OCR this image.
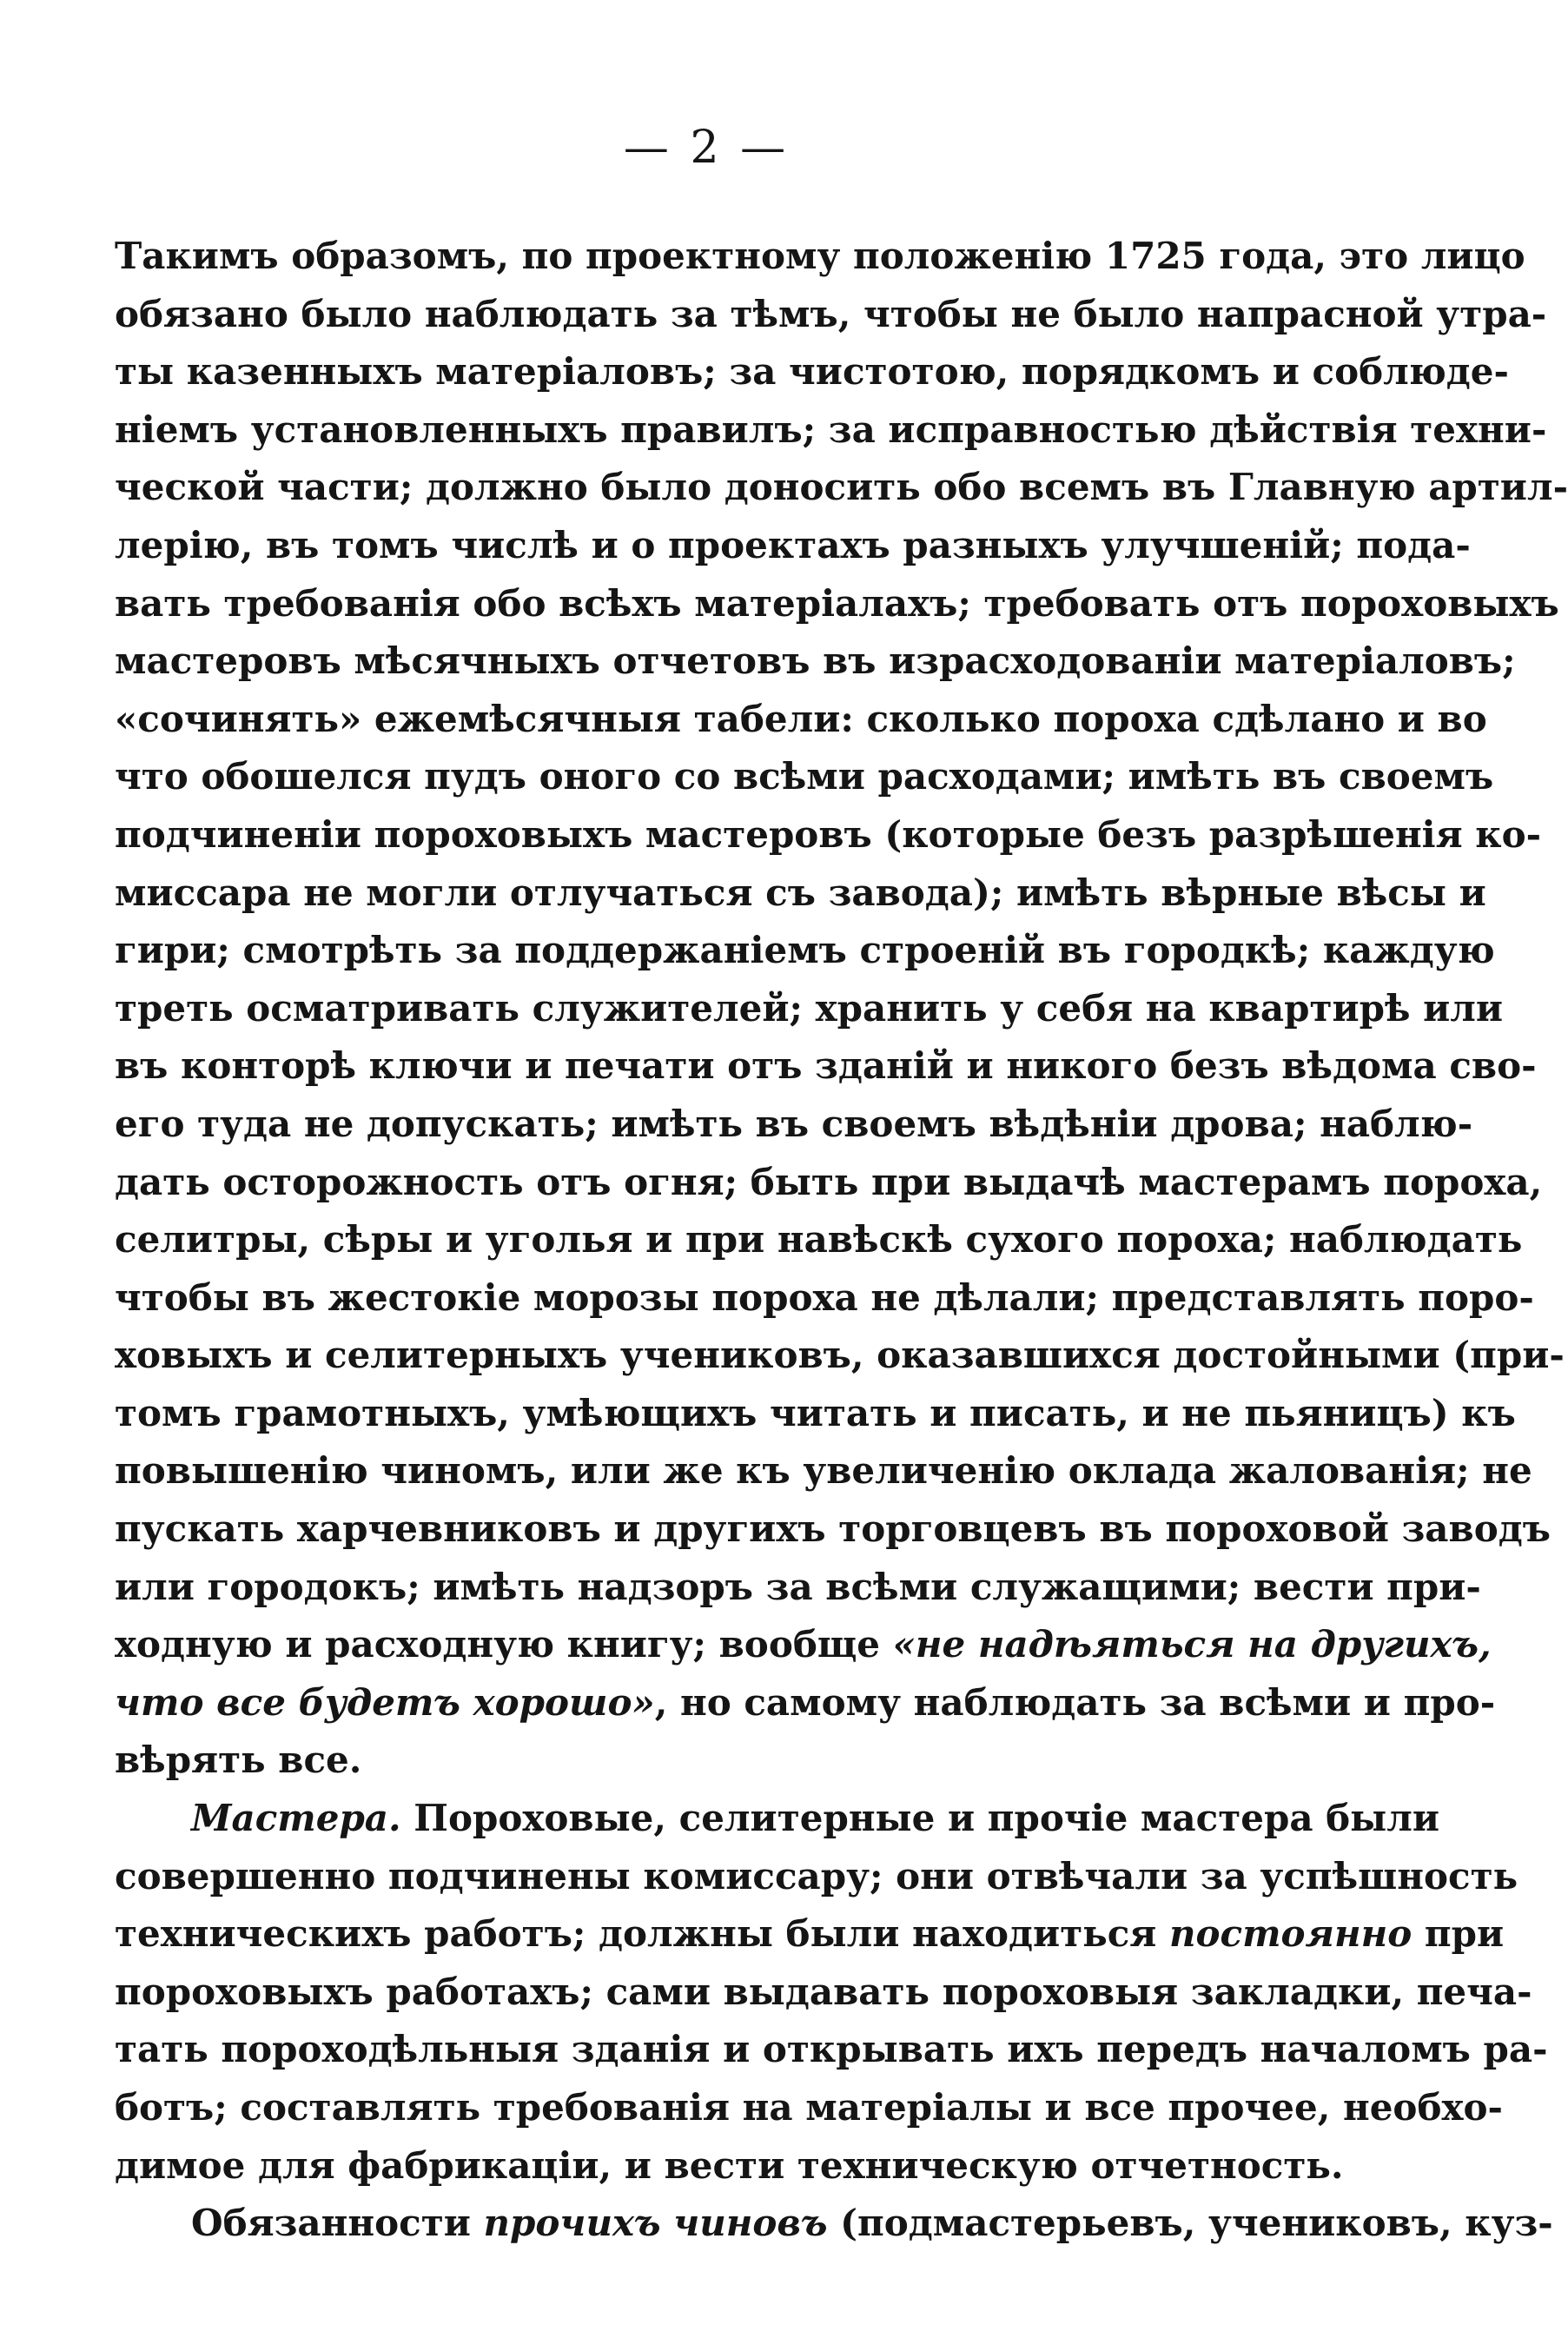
— 2 —
Такимъ образомъ, по проектному положенію 1725 года, это лицо
обязано было наблюдать за тѣмъ, чтобы не было напрасной утра-
ты казенныхъ матеріаловъ; за чистотою, порядкомъ и соблюде-
ніемъ установленныхъ правилъ; за исправностью дѣйствія техни-
ческой части; должно было доносить обо всемъ въ Главную артил-
лерію, въ томъ числѣ и о проектахъ разныхъ улучшеній; пода-
вать требованія обо всѣхъ матеріалахъ; требовать отъ пороховыхъ
мастеровъ мѣсячныхъ отчетовъ въ израсходованіи матеріаловъ;
«сочинять» ежемѣсячныя табели: сколько пороха сдѣлано и во
что обошелся пудъ оного со всѣми расходами; имѣть въ своемъ
подчиненіи пороховыхъ мастеровъ (которые безъ разрѣшенія ко-
миссара не могли отлучаться съ завода); имѣть вѣрные вѣсы и
гири; смотрѣть за поддержаніемъ строеній въ городкѣ; каждую
треть осматривать служителей; хранить у себя на квартирѣ или
въ конторѣ ключи и печати отъ зданій и никого безъ вѣдома сво-
его туда не допускать; имѣть въ своемъ вѣдѣніи дрова; наблю-
дать осторожность отъ огня; быть при выдачѣ мастерамъ пороха,
селитры, сѣры и уголья и при навѣскѣ сухого пороха; наблюдать
чтобы въ жестокіе морозы пороха не дѣлали; представлять поро-
ховыхъ и селитерныхъ учениковъ, оказавшихся достойными (при-
томъ грамотныхъ, умѣющихъ читать и писать, и не пьяницъ) къ
повышенію чиномъ, или же къ увеличенію оклада жалованія; не
пускать харчевниковъ и другихъ торговцевъ въ пороховой заводъ
или городокъ; имѣть надзоръ за всѣми служащими; вести при-
ходную и расходную книгу; вообще «не надѣяться на другихъ,
что все будетъ хорошо», но самому наблюдать за всѣми и про-
вѣрять все.
Мастера. Пороховые, селитерные и прочіе мастера были
совершенно подчинены комиссару; они отвѣчали за успѣшность
техническихъ работъ; должны были находиться постоянно при
пороховыхъ работахъ; сами выдавать пороховыя закладки, печа-
тать пороходѣльныя зданія и открывать ихъ передъ началомъ ра-
ботъ; составлять требованія на матеріалы и все прочее, необхо-
димое для фабрикаціи, и вести техническую отчетность.
Обязанности прочихъ чиновъ (подмастерьевъ, учениковъ, куз-
